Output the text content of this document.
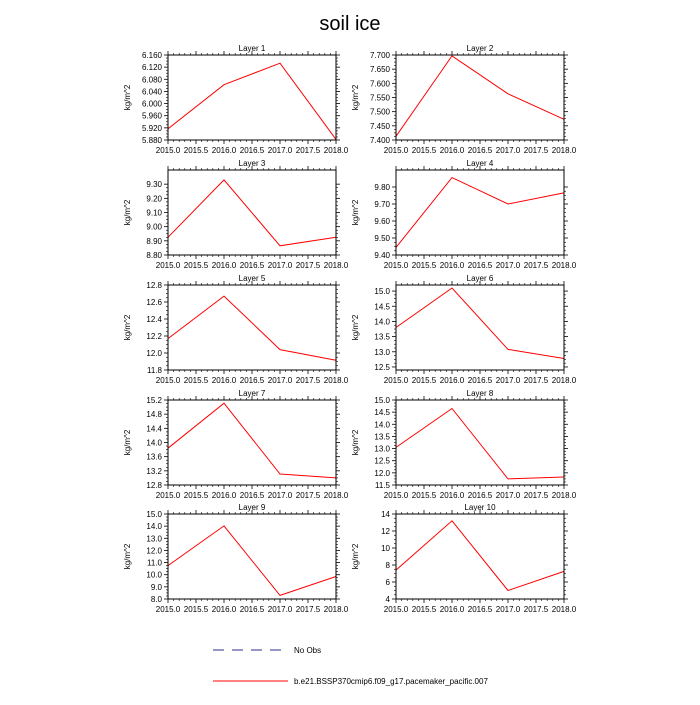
soil ice
No Obs
b.e21.BSSP370cmip6.f09_g17.pacemaker_pacific.007
Layer 1
kg/m^2
5.880
5.920
5.960
6.000
6.040
6.080
6.120
6.160
2015.0 2015.5 2016.0 2016.5 2017.0 2017.5 2018.0
Layer 2
kg/m^2
7.400
7.450
7.500
7.550
7.600
7.650
7.700
2015.0 2015.5 2016.0 2016.5 2017.0 2017.5 2018.0
Layer 3
kg/m^2
8.80
8.90
9.00
9.10
9.20
9.30
2015.0 2015.5 2016.0 2016.5 2017.0 2017.5 2018.0
Layer 4
kg/m^2
9.40
9.50
9.60
9.70
9.80
2015.0 2015.5 2016.0 2016.5 2017.0 2017.5 2018.0
Layer 5
kg/m^2
11.8
12.0
12.2
12.4
12.6
12.8
2015.0 2015.5 2016.0 2016.5 2017.0 2017.5 2018.0
Layer 6
kg/m^2
12.5
13.0
13.5
14.0
14.5
15.0
2015.0 2015.5 2016.0 2016.5 2017.0 2017.5 2018.0
Layer 7
kg/m^2
12.8
13.2
13.6
14.0
14.4
14.8
15.2
2015.0 2015.5 2016.0 2016.5 2017.0 2017.5 2018.0
Layer 8
kg/m^2
11.5
12.0
12.5
13.0
13.5
14.0
14.5
15.0
2015.0 2015.5 2016.0 2016.5 2017.0 2017.5 2018.0
Layer 9
kg/m^2
8.0
9.0
10.0
11.0
12.0
13.0
14.0
15.0
2015.0 2015.5 2016.0 2016.5 2017.0 2017.5 2018.0
Layer 10
kg/m^2
4
6
8
10
12
14
2015.0 2015.5 2016.0 2016.5 2017.0 2017.5 2018.0
